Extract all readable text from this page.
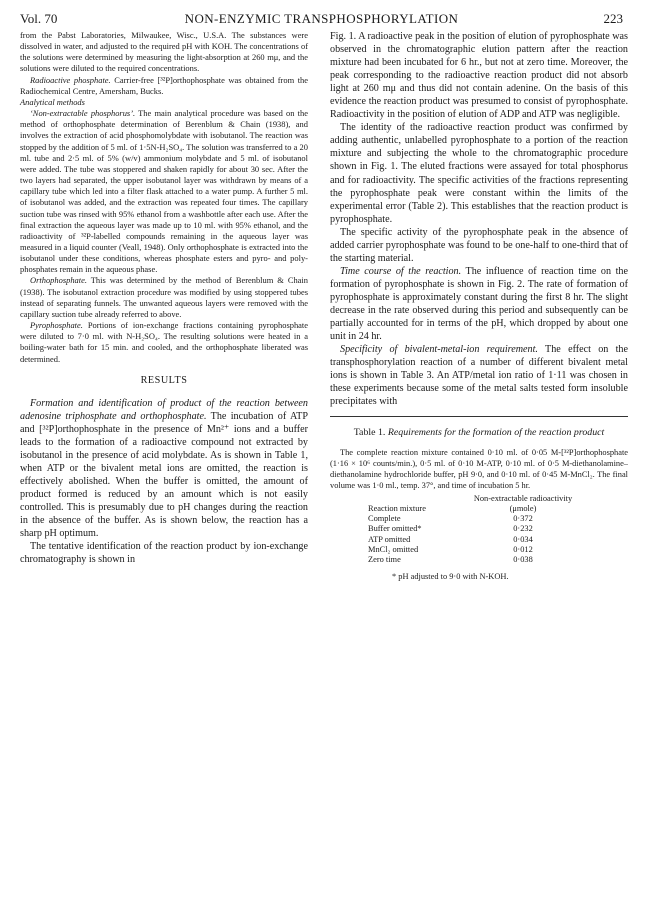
Vol. 70	NON-ENZYMIC TRANSPHOSPHORYLATION	223

from the Pabst Laboratories, Milwaukee, Wisc., U.S.A. The substances were dissolved in water, and adjusted to the required pH with KOH. The concentrations of the solutions were determined by measuring the light-absorption at 260 mμ, and the solutions were diluted to the required concentrations.

Radioactive phosphate. Carrier-free [³²P]orthophosphate was obtained from the Radiochemical Centre, Amersham, Bucks.

Analytical methods

‘Non-extractable phosphorus’. The main analytical procedure was based on the method of orthophosphate determination of Berenblum & Chain (1938), and involves the extraction of acid phosphomolybdate with isobutanol. The reaction was stopped by the addition of 5 ml. of 1·5N-H₂SO₄. The solution was transferred to a 20 ml. tube and 2·5 ml. of 5% (w/v) ammonium molybdate and 5 ml. of isobutanol were added. The tube was stoppered and shaken rapidly for about 30 sec. After the two layers had separated, the upper isobutanol layer was withdrawn by means of a capillary tube which led into a filter flask attached to a water pump. A further 5 ml. of isobutanol was added, and the extraction was repeated four times. The capillary suction tube was rinsed with 95% ethanol from a washbottle after each use. After the final extraction the aqueous layer was made up to 10 ml. with 95% ethanol, and the radioactivity of ³²P-labelled compounds remaining in the aqueous layer was measured in a liquid counter (Veall, 1948). Only orthophosphate is extracted into the isobutanol under these conditions, whereas phosphate esters and pyro- and poly-phosphates remain in the aqueous phase.

Orthophosphate. This was determined by the method of Berenblum & Chain (1938). The isobutanol extraction procedure was modified by using stoppered tubes instead of separating funnels. The unwanted aqueous layers were removed with the capillary suction tube already referred to above.

Pyrophosphate. Portions of ion-exchange fractions containing pyrophosphate were diluted to 7·0 ml. with N-H₂SO₄. The resulting solutions were heated in a boiling-water bath for 15 min. and cooled, and the orthophosphate liberated was determined.

RESULTS

Formation and identification of product of the reaction between adenosine triphosphate and orthophosphate. The incubation of ATP and [³²P]orthophosphate in the presence of Mn²⁺ ions and a buffer leads to the formation of a radioactive compound not extracted by isobutanol in the presence of acid molybdate. As is shown in Table 1, when ATP or the bivalent metal ions are omitted, the reaction is effectively abolished. When the buffer is omitted, the amount of product formed is reduced by an amount which is not easily controlled. This is presumably due to pH changes during the reaction in the absence of the buffer. As is shown below, the reaction has a sharp pH optimum.

The tentative identification of the reaction product by ion-exchange chromatography is shown in

Fig. 1. A radioactive peak in the position of elution of pyrophosphate was observed in the chromatographic elution pattern after the reaction mixture had been incubated for 6 hr., but not at zero time. Moreover, the peak corresponding to the radioactive reaction product did not absorb light at 260 mμ and thus did not contain adenine. On the basis of this evidence the reaction product was presumed to consist of pyrophosphate. Radioactivity in the position of elution of ADP and ATP was negligible.

The identity of the radioactive reaction product was confirmed by adding authentic, unlabelled pyrophosphate to a portion of the reaction mixture and subjecting the whole to the chromatographic procedure shown in Fig. 1. The eluted fractions were assayed for total phosphorus and for radioactivity. The specific activities of the fractions representing the pyrophosphate peak were constant within the limits of the experimental error (Table 2). This establishes that the reaction product is pyrophosphate.

The specific activity of the pyrophosphate peak in the absence of added carrier pyrophosphate was found to be one-half to one-third that of the starting material.

Time course of the reaction. The influence of reaction time on the formation of pyrophosphate is shown in Fig. 2. The rate of formation of pyrophosphate is approximately constant during the first 8 hr. The slight decrease in the rate observed during this period and subsequently can be partially accounted for in terms of the pH, which dropped by about one unit in 24 hr.

Specificity of bivalent-metal-ion requirement. The effect on the transphosphorylation reaction of a number of different bivalent metal ions is shown in Table 3. An ATP/metal ion ratio of 1·11 was chosen in these experiments because some of the metal salts tested form insoluble precipitates with

Table 1. Requirements for the formation of the reaction product
The complete reaction mixture contained 0·10 ml. of 0·05 M-[³²P]orthophosphate (1·16 × 10⁶ counts/min.), 0·5 ml. of 0·10 M-ATP, 0·10 ml. of 0·5 M-diethanolamine–diethanolamine hydrochloride buffer, pH 9·0, and 0·10 ml. of 0·45 M-MnCl₂. The final volume was 1·0 ml., temp. 37°, and time of incubation 5 hr.
Reaction mixture	Non-extractable radioactivity (μmole)
Complete	0·372
Buffer omitted*	0·232
ATP omitted	0·034
MnCl₂ omitted	0·012
Zero time	0·038
* pH adjusted to 9·0 with N-KOH.
